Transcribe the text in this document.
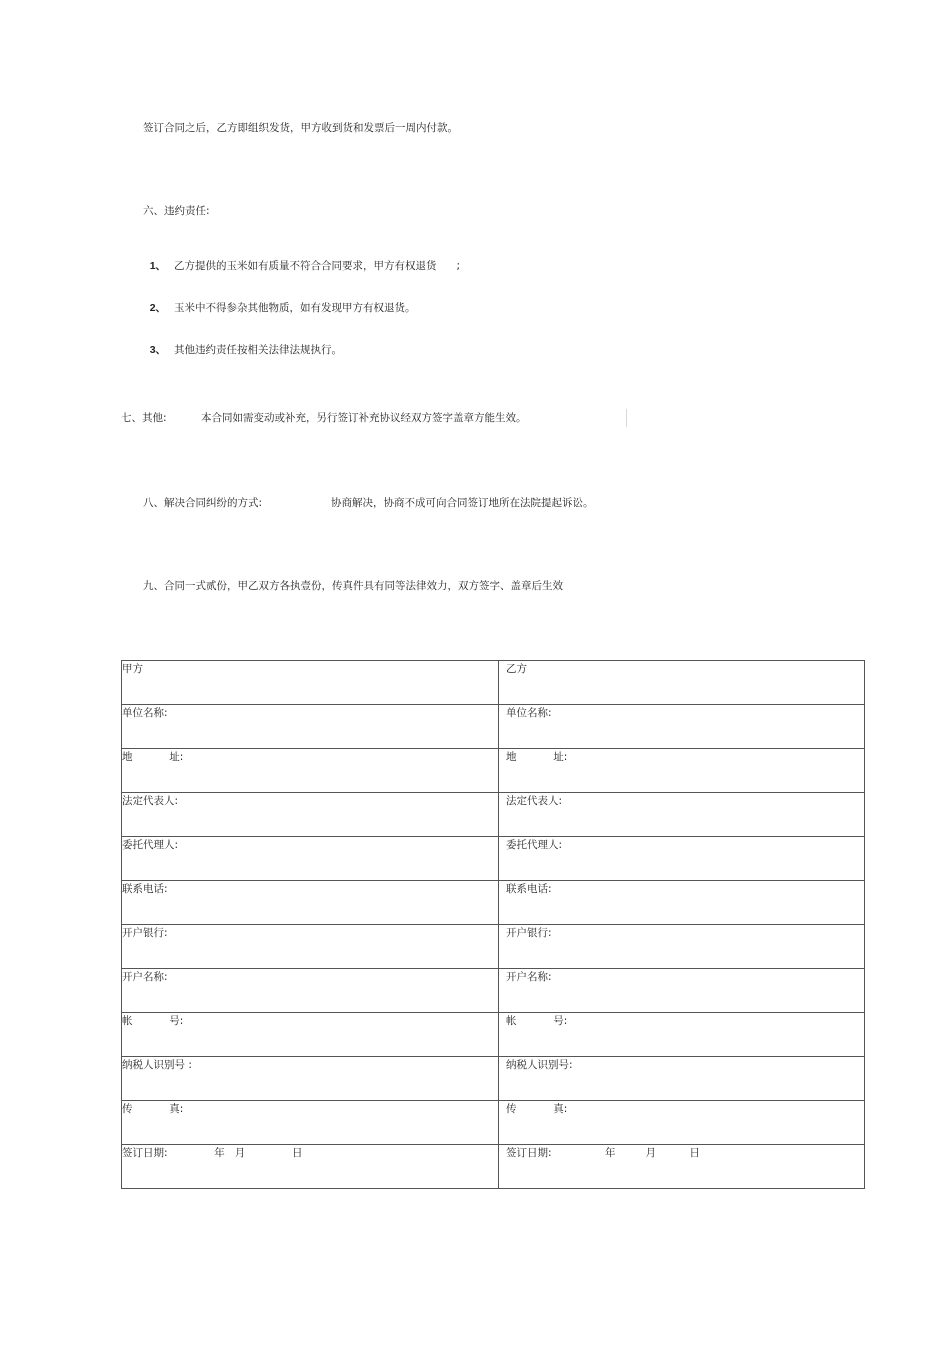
签订合同之后，乙方即组织发货，甲方收到货和发票后一周内付款。
六、违约责任:

1、 乙方提供的玉米如有质量不符合合同要求，甲方有权退货      ;

2、 玉米中不得参杂其他物质，如有发现甲方有权退货。

3、 其他违约责任按相关法律法规执行。

七、其他:	本合同如需变动或补充，另行签订补充协议经双方签字盖章方能生效。
八、解决合同纠纷的方式:	协商解决，协商不成可向合同签订地所在法院提起诉讼。
九、合同一式贰份，甲乙双方各执壹份，传真件具有同等法律效力，双方签字、盖章后生效
甲方	乙方
单位名称:	单位名称:
地           址:	地           址:
法定代表人:	法定代表人:
委托代理人:	委托代理人:
联系电话:	联系电话:
开户银行:	开户银行:
开户名称:	开户名称:
帐           号:	帐           号:
纳税人识别号 :	纳税人识别号:
传           真:	传           真:
签订日期:              年   月              日	签订日期:                年         月          日
